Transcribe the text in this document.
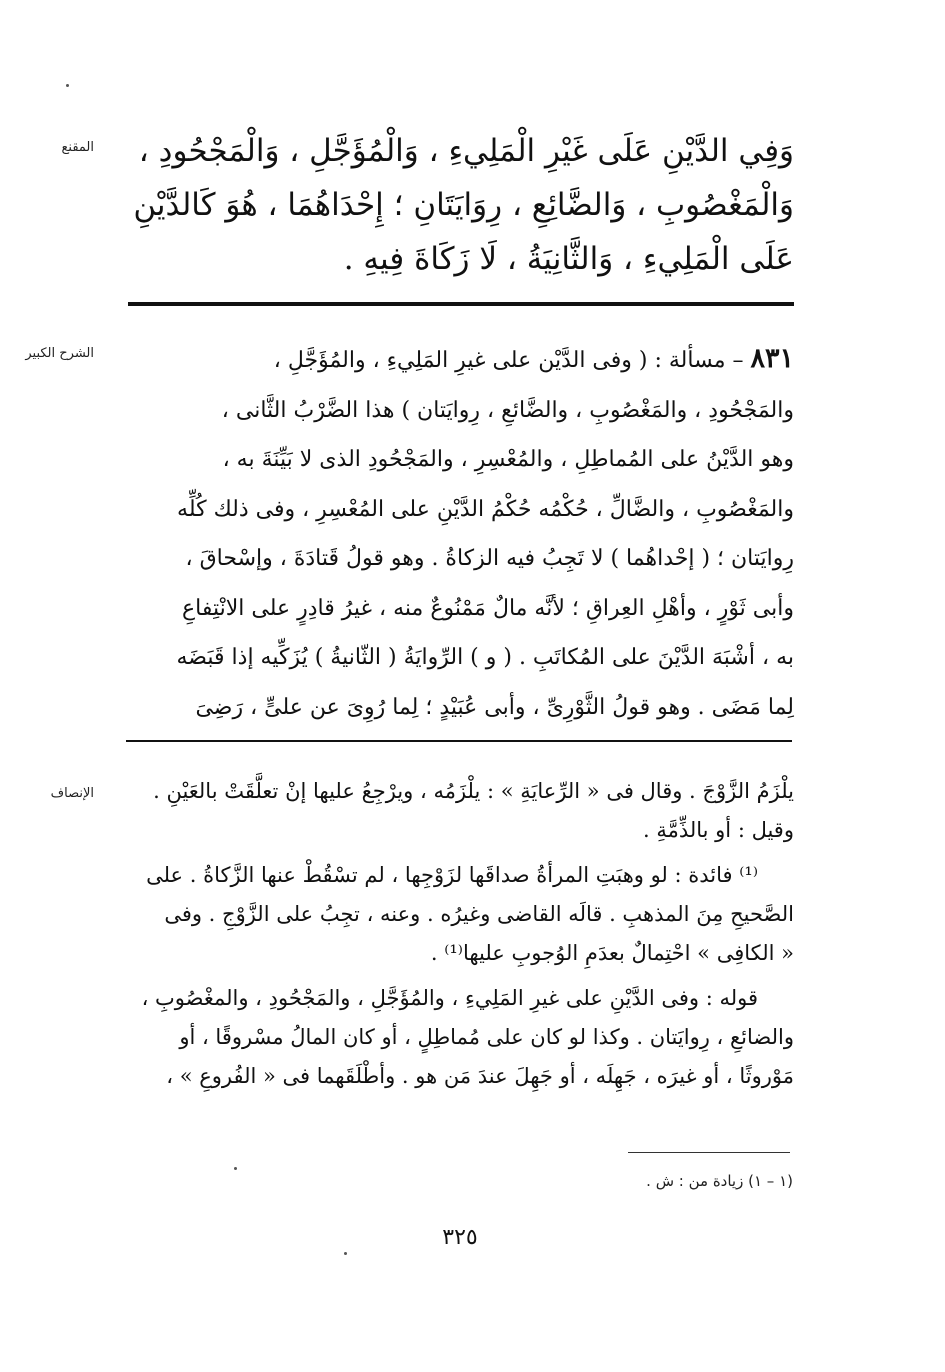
المقنع	وَفِي الدَّيْنِ عَلَى غَيْرِ الْمَلِيءِ ، وَالْمُؤَجَّلِ ، وَالْمَجْحُودِ ،

وَالْمَغْصُوبِ ، وَالضَّائِعِ ، رِوَايَتَانِ ؛ إِحْدَاهُمَا ، هُوَ كَالدَّيْنِ

عَلَى الْمَلِيءِ ، وَالثَّانِيَةُ ، لَا زَكَاةَ فِيهِ .

الشرح الكبير	٨٣١ – مسألة : ( وفى الدَّيْن على غيرِ المَلِيءِ ، والمُؤَجَّلِ ،

والمَجْحُودِ ، والمَغْصُوبِ ، والضَّائعِ ، رِوايَتان ) هذا الضَّرْبُ الثَّانى ،

وهو الدَّيْنُ على المُماطِلِ ، والمُعْسِرِ ، والمَجْحُودِ الذى لا بَيِّنَةَ به ،

والمَغْصُوبِ ، والضَّالِّ ، حُكْمُه حُكْمُ الدَّيْنِ على المُعْسِرِ ، وفى ذلك كُلِّه

رِوايَتان ؛ ( إحْداهُما ) لا تَجِبُ فيه الزكاةُ . وهو قولُ قَتادَةَ ، وإسْحاقَ ،

وأبى ثَوْرٍ ، وأهْلِ العِراقِ ؛ لأنَّه مالٌ مَمْنُوعٌ منه ، غيرُ قادِرٍ على الانْتِفاعِ

به ، أشْبَهَ الدَّيْنَ على المُكاتَبِ . ( و ) الرِّوايَةُ ( الثّانيةُ ) يُزَكِّيه إذا قَبَضَه

لِما مَضَى . وهو قولُ الثَّوْرِىِّ ، وأبى عُبَيْدٍ ؛ لِما رُوِىَ عن علىٍّ ، رَضِىَ

الإنصاف	يلْزَمُ الزَّوْجَ . وقال فى « الرِّعايَةِ » : يلْزَمُه ، ويرْجِعُ عليها إنْ تعلَّقَتْ بالعَيْنِ .

وقيل : أو بالذِّمَّةِ .

⁽¹⁾ فائدة : لو وهبَتِ المرأةُ صداقَها لزَوْجِها ، لم تسْقُطْ عنها الزَّكاةُ . على

الصَّحيحِ مِنَ المذهبِ . قالَه القاضى وغيرُه . وعنه ، تجِبُ على الزَّوْجِ . وفى

« الكافِى » احْتِمالٌ بعدَمِ الوُجوبِ عليها⁽¹⁾ .

قوله : وفى الدَّيْنِ على غيرِ المَلِيءِ ، والمُؤَجَّلِ ، والمَجْحُودِ ، والمغْصُوبِ ،

والضائعِ ، رِوايَتان . وكذا لو كان على مُماطِلٍ ، أو كان المالُ مسْروقًا ، أو

مَوْروثًا ، أو غيرَه ، جَهِلَه ، أو جَهِلَ عندَ مَن هو . وأطْلَقَهما فى « الفُروعِ » ،

(١ – ١) زيادة من : ش .
٣٢٥
